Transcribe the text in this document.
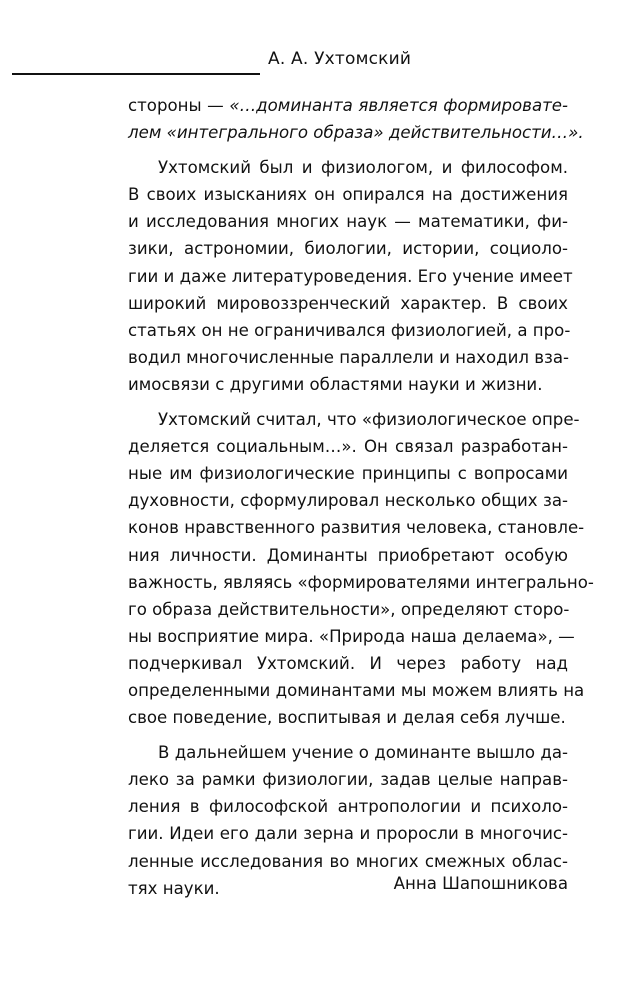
А. А. Ухтомский
стороны — «…доминанта является формировате-
лем «интегрального образа» действительности…».
Ухтомский был и физиологом, и философом.
В своих изысканиях он опирался на достижения
и исследования многих наук — математики, фи-
зики, астрономии, биологии, истории, социоло-
гии и даже литературоведения. Его учение имеет
широкий мировоззренческий характер. В своих
статьях он не ограничивался физиологией, а про-
водил многочисленные параллели и находил вза-
имосвязи с другими областями науки и жизни.
Ухтомский считал, что «физиологическое опре-
деляется социальным…». Он связал разработан-
ные им физиологические принципы с вопросами
духовности, сформулировал несколько общих за-
конов нравственного развития человека, становле-
ния личности. Доминанты приобретают особую
важность, являясь «формирователями интегрально-
го образа действительности», определяют сторо-
ны восприятие мира. «Природа наша делаема», —
подчеркивал Ухтомский. И через работу над
определенными доминантами мы можем влиять на
свое поведение, воспитывая и делая себя лучше.
В дальнейшем учение о доминанте вышло да-
леко за рамки физиологии, задав целые направ-
ления в философской антропологии и психоло-
гии. Идеи его дали зерна и проросли в многочис-
ленные исследования во многих смежных облас-
тях науки.	Анна Шапошникова
